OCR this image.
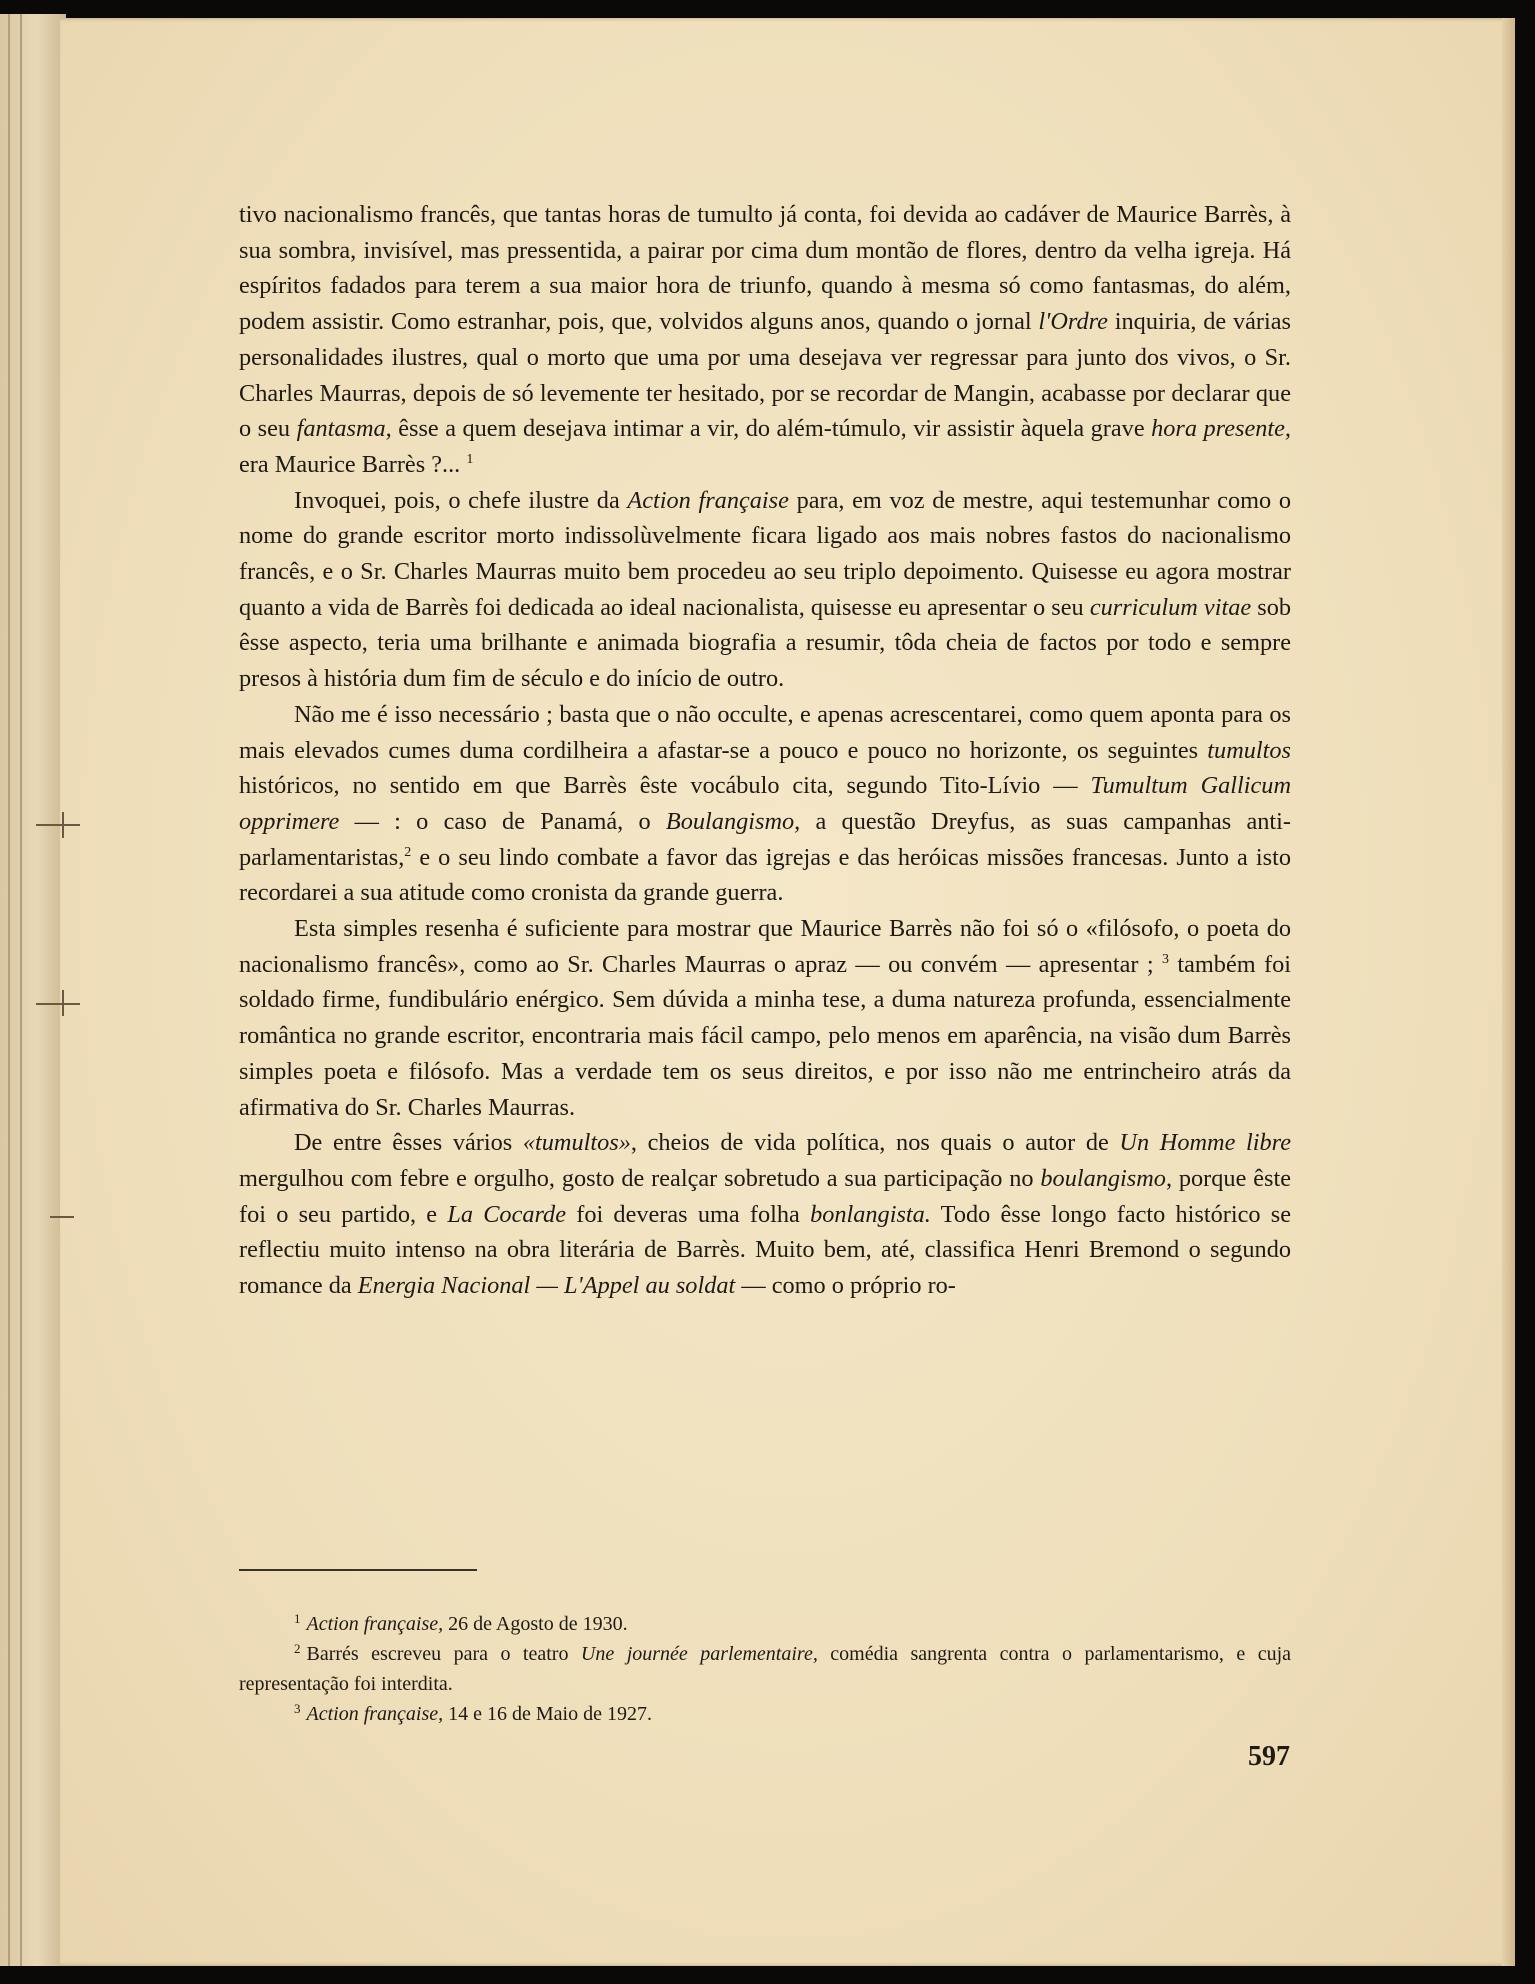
tivo nacionalismo francês, que tantas horas de tumulto já conta, foi devida ao cadáver de Maurice Barrès, à sua sombra, invisível, mas pressentida, a pairar por cima dum montão de flores, dentro da velha igreja. Há espíritos fadados para terem a sua maior hora de triunfo, quando à mesma só como fantasmas, do além, podem assistir. Como estranhar, pois, que, volvidos alguns anos, quando o jornal l'Ordre inquiria, de várias personalidades ilustres, qual o morto que uma por uma desejava ver regressar para junto dos vivos, o Sr. Charles Maurras, depois de só levemente ter hesitado, por se recordar de Mangin, acabasse por declarar que o seu fantasma, êsse a quem desejava intimar a vir, do além-túmulo, vir assistir àquela grave hora presente, era Maurice Barrès ?... $^1$

Invoquei, pois, o chefe ilustre da Action française para, em voz de mestre, aqui testemunhar como o nome do grande escritor morto indissolùvelmente ficara ligado aos mais nobres fastos do nacionalismo francês, e o Sr. Charles Maurras muito bem procedeu ao seu triplo depoimento. Quisesse eu agora mostrar quanto a vida de Barrès foi dedicada ao ideal nacionalista, quisesse eu apresentar o seu curriculum vitae sob êsse aspecto, teria uma brilhante e animada biografia a resumir, tôda cheia de factos por todo e sempre presos à história dum fim de século e do início de outro.

Não me é isso necessário ; basta que o não occulte, e apenas acrescentarei, como quem aponta para os mais elevados cumes duma cordilheira a afastar-se a pouco e pouco no horizonte, os seguintes tumultos históricos, no sentido em que Barrès êste vocábulo cita, segundo Tito-Lívio — Tumultum Gallicum opprimere — : o caso de Panamá, o Boulangismo, a questão Dreyfus, as suas campanhas anti-parlamentaristas,$^2$ e o seu lindo combate a favor das igrejas e das heróicas missões francesas. Junto a isto recordarei a sua atitude como cronista da grande guerra.

Esta simples resenha é suficiente para mostrar que Maurice Barrès não foi só o «filósofo, o poeta do nacionalismo francês», como ao Sr. Charles Maurras o apraz — ou convém — apresentar ; $^3$ também foi soldado firme, fundibulário enérgico. Sem dúvida a minha tese, a duma natureza profunda, essencialmente romântica no grande escritor, encontraria mais fácil campo, pelo menos em aparência, na visão dum Barrès simples poeta e filósofo. Mas a verdade tem os seus direitos, e por isso não me entrincheiro atrás da afirmativa do Sr. Charles Maurras.

De entre êsses vários «tumultos», cheios de vida política, nos quais o autor de Un Homme libre mergulhou com febre e orgulho, gosto de realçar sobretudo a sua participação no boulangismo, porque êste foi o seu partido, e La Cocarde foi deveras uma folha bonlangista. Todo êsse longo facto histórico se reflectiu muito intenso na obra literária de Barrès. Muito bem, até, classifica Henri Bremond o segundo romance da Energia Nacional — L'Appel au soldat — como o próprio ro-

$^1$ Action française, 26 de Agosto de 1930.

$^2$ Barrés escreveu para o teatro Une journée parlementaire, comédia sangrenta contra o parlamentarismo, e cuja representação foi interdita.

$^3$ Action française, 14 e 16 de Maio de 1927.

597
